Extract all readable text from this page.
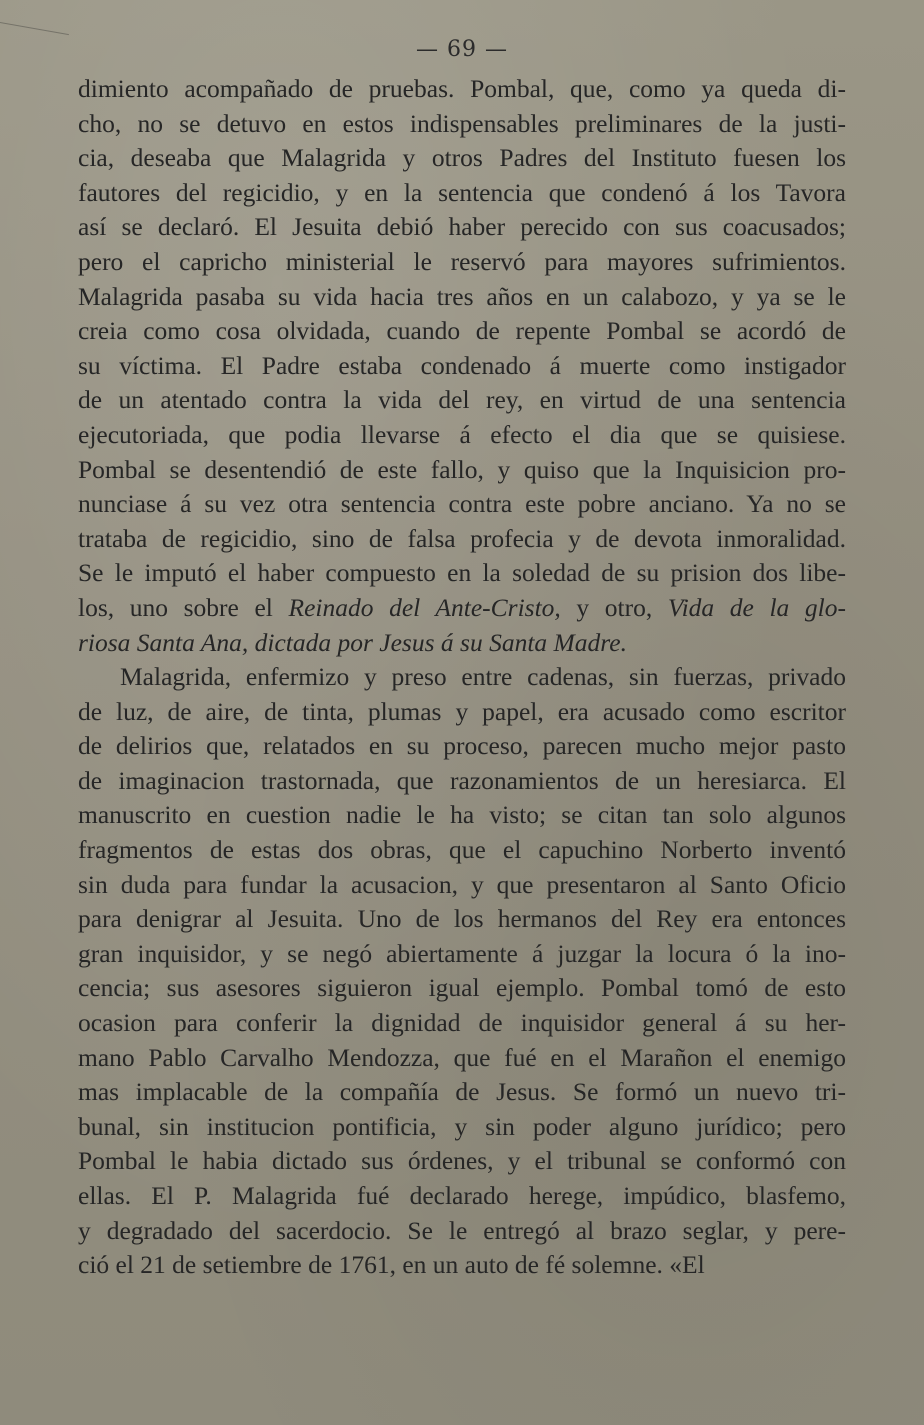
— 69 —
dimiento acompañado de pruebas. Pombal, que, como ya queda di-
cho, no se detuvo en estos indispensables preliminares de la justi-
cia, deseaba que Malagrida y otros Padres del Instituto fuesen los
fautores del regicidio, y en la sentencia que condenó á los Tavora
así se declaró. El Jesuita debió haber perecido con sus coacusados;
pero el capricho ministerial le reservó para mayores sufrimientos.
Malagrida pasaba su vida hacia tres años en un calabozo, y ya se le
creia como cosa olvidada, cuando de repente Pombal se acordó de
su víctima. El Padre estaba condenado á muerte como instigador
de un atentado contra la vida del rey, en virtud de una sentencia
ejecutoriada, que podia llevarse á efecto el dia que se quisiese.
Pombal se desentendió de este fallo, y quiso que la Inquisicion pro-
nunciase á su vez otra sentencia contra este pobre anciano. Ya no se
trataba de regicidio, sino de falsa profecia y de devota inmoralidad.
Se le imputó el haber compuesto en la soledad de su prision dos libe-
los, uno sobre el Reinado del Ante-Cristo, y otro, Vida de la glo-
riosa Santa Ana, dictada por Jesus á su Santa Madre.
Malagrida, enfermizo y preso entre cadenas, sin fuerzas, privado
de luz, de aire, de tinta, plumas y papel, era acusado como escritor
de delirios que, relatados en su proceso, parecen mucho mejor pasto
de imaginacion trastornada, que razonamientos de un heresiarca. El
manuscrito en cuestion nadie le ha visto; se citan tan solo algunos
fragmentos de estas dos obras, que el capuchino Norberto inventó
sin duda para fundar la acusacion, y que presentaron al Santo Oficio
para denigrar al Jesuita. Uno de los hermanos del Rey era entonces
gran inquisidor, y se negó abiertamente á juzgar la locura ó la ino-
cencia; sus asesores siguieron igual ejemplo. Pombal tomó de esto
ocasion para conferir la dignidad de inquisidor general á su her-
mano Pablo Carvalho Mendozza, que fué en el Marañon el enemigo
mas implacable de la compañía de Jesus. Se formó un nuevo tri-
bunal, sin institucion pontificia, y sin poder alguno jurídico; pero
Pombal le habia dictado sus órdenes, y el tribunal se conformó con
ellas. El P. Malagrida fué declarado herege, impúdico, blasfemo,
y degradado del sacerdocio. Se le entregó al brazo seglar, y pere-
ció el 21 de setiembre de 1761, en un auto de fé solemne. «El
